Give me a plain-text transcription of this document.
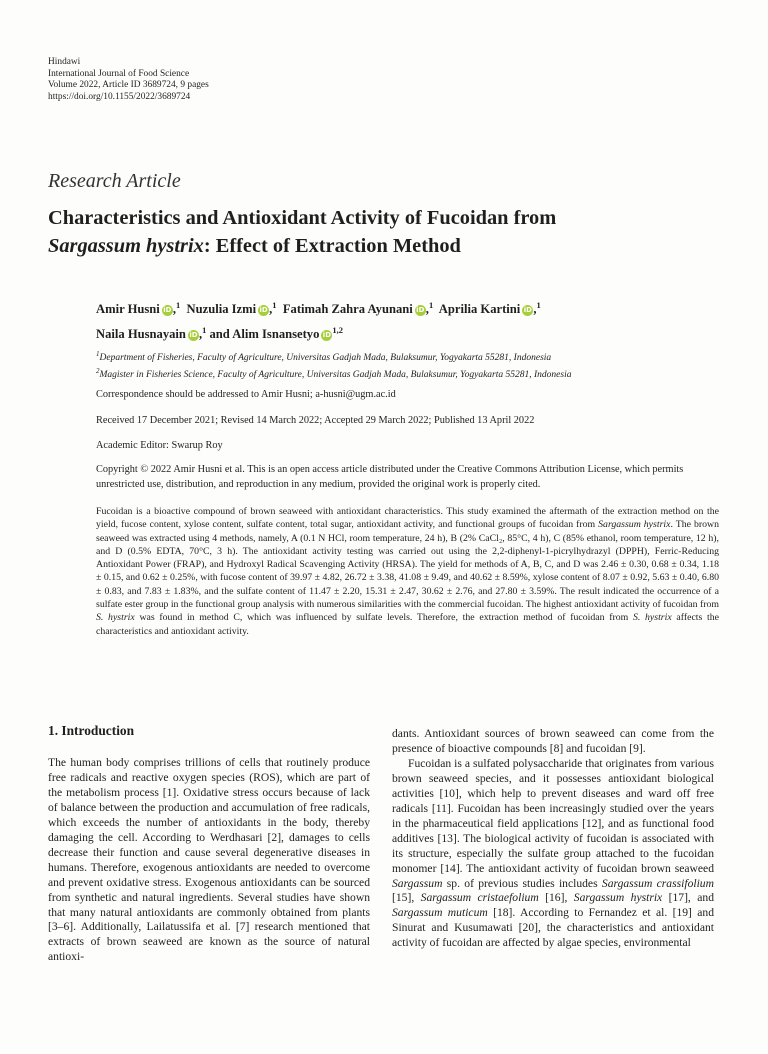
Hindawi
International Journal of Food Science
Volume 2022, Article ID 3689724, 9 pages
https://doi.org/10.1155/2022/3689724
Research Article
Characteristics and Antioxidant Activity of Fucoidan from
Sargassum hystrix: Effect of Extraction Method
Amir Husni iD,$^1$ Nuzulia Izmi iD,$^1$ Fatimah Zahra Ayunani iD,$^1$ Aprilia Kartini iD,$^1$
Naila Husnayain iD,$^1$ and Alim Isnansetyo iD$^{1,2}$
$^1$Department of Fisheries, Faculty of Agriculture, Universitas Gadjah Mada, Bulaksumur, Yogyakarta 55281, Indonesia
$^2$Magister in Fisheries Science, Faculty of Agriculture, Universitas Gadjah Mada, Bulaksumur, Yogyakarta 55281, Indonesia
Correspondence should be addressed to Amir Husni; a-husni@ugm.ac.id
Received 17 December 2021; Revised 14 March 2022; Accepted 29 March 2022; Published 13 April 2022
Academic Editor: Swarup Roy
Copyright © 2022 Amir Husni et al. This is an open access article distributed under the Creative Commons Attribution License, which permits unrestricted use, distribution, and reproduction in any medium, provided the original work is properly cited.
Fucoidan is a bioactive compound of brown seaweed with antioxidant characteristics. This study examined the aftermath of the extraction method on the yield, fucose content, xylose content, sulfate content, total sugar, antioxidant activity, and functional groups of fucoidan from Sargassum hystrix. The brown seaweed was extracted using 4 methods, namely, A (0.1 N HCl, room temperature, 24 h), B (2% CaCl₂, 85°C, 4 h), C (85% ethanol, room temperature, 12 h), and D (0.5% EDTA, 70°C, 3 h). The antioxidant activity testing was carried out using the 2,2-diphenyl-1-picrylhydrazyl (DPPH), Ferric-Reducing Antioxidant Power (FRAP), and Hydroxyl Radical Scavenging Activity (HRSA). The yield for methods of A, B, C, and D was 2.46 ± 0.30, 0.68 ± 0.34, 1.18 ± 0.15, and 0.62 ± 0.25%, with fucose content of 39.97 ± 4.82, 26.72 ± 3.38, 41.08 ± 9.49, and 40.62 ± 8.59%, xylose content of 8.07 ± 0.92, 5.63 ± 0.40, 6.80 ± 0.83, and 7.83 ± 1.83%, and the sulfate content of 11.47 ± 2.20, 15.31 ± 2.47, 30.62 ± 2.76, and 27.80 ± 3.59%. The result indicated the occurrence of a sulfate ester group in the functional group analysis with numerous similarities with the commercial fucoidan. The highest antioxidant activity of fucoidan from S. hystrix was found in method C, which was influenced by sulfate levels. Therefore, the extraction method of fucoidan from S. hystrix affects the characteristics and antioxidant activity.
1. Introduction

The human body comprises trillions of cells that routinely produce free radicals and reactive oxygen species (ROS), which are part of the metabolism process [1]. Oxidative stress occurs because of lack of balance between the production and accumulation of free radicals, which exceeds the number of antioxidants in the body, thereby damaging the cell. According to Werdhasari [2], damages to cells decrease their function and cause several degenerative diseases in humans. Therefore, exogenous antioxidants are needed to overcome and prevent oxidative stress. Exogenous antioxidants can be sourced from synthetic and natural ingredients. Several studies have shown that many natural antioxidants are commonly obtained from plants [3–6]. Additionally, Lailatussifa et al. [7] research mentioned that extracts of brown seaweed are known as the source of natural antioxi-

dants. Antioxidant sources of brown seaweed can come from the presence of bioactive compounds [8] and fucoidan [9].

Fucoidan is a sulfated polysaccharide that originates from various brown seaweed species, and it possesses antioxidant biological activities [10], which help to prevent diseases and ward off free radicals [11]. Fucoidan has been increasingly studied over the years in the pharmaceutical field applications [12], and as functional food additives [13]. The biological activity of fucoidan is associated with its structure, especially the sulfate group attached to the fucoidan monomer [14]. The antioxidant activity of fucoidan brown seaweed Sargassum sp. of previous studies includes Sargassum crassifolium [15], Sargassum cristaefolium [16], Sargassum hystrix [17], and Sargassum muticum [18]. According to Fernandez et al. [19] and Sinurat and Kusumawati [20], the characteristics and antioxidant activity of fucoidan are affected by algae species, environmental
